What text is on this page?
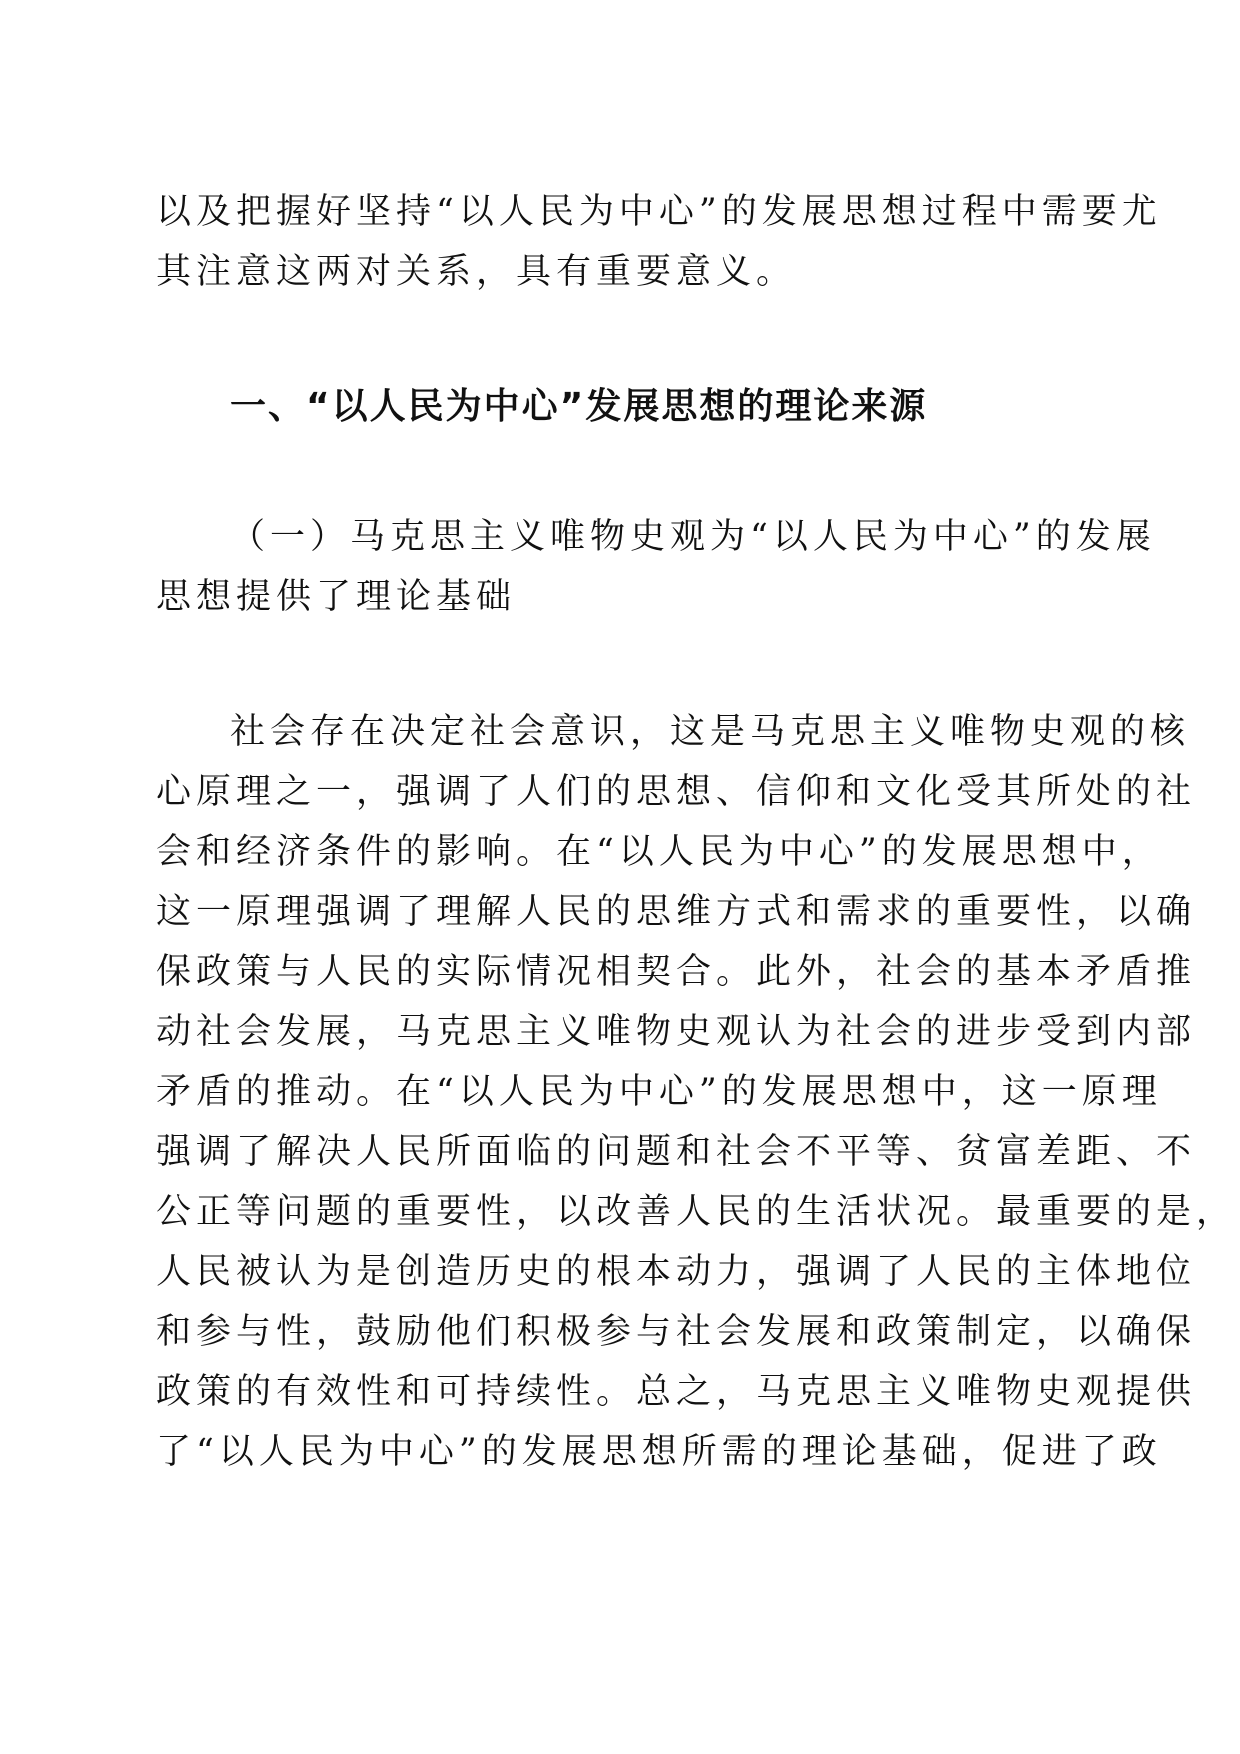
以及把握好坚持“以人民为中心”的发展思想过程中需要尤
其注意这两对关系，具有重要意义。
一、“以人民为中心”发展思想的理论来源
（一）马克思主义唯物史观为“以人民为中心”的发展
思想提供了理论基础
社会存在决定社会意识，这是马克思主义唯物史观的核
心原理之一，强调了人们的思想、信仰和文化受其所处的社
会和经济条件的影响。在“以人民为中心”的发展思想中，
这一原理强调了理解人民的思维方式和需求的重要性，以确
保政策与人民的实际情况相契合。此外，社会的基本矛盾推
动社会发展，马克思主义唯物史观认为社会的进步受到内部
矛盾的推动。在“以人民为中心”的发展思想中，这一原理
强调了解决人民所面临的问题和社会不平等、贫富差距、不
公正等问题的重要性，以改善人民的生活状况。最重要的是，
人民被认为是创造历史的根本动力，强调了人民的主体地位
和参与性，鼓励他们积极参与社会发展和政策制定，以确保
政策的有效性和可持续性。总之，马克思主义唯物史观提供
了“以人民为中心”的发展思想所需的理论基础，促进了政
